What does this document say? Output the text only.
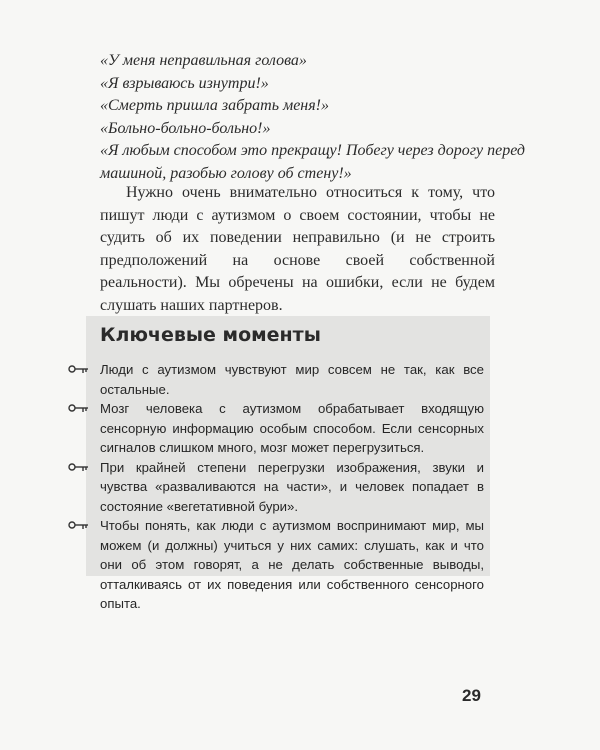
«У меня неправильная голова»

«Я взрываюсь изнутри!»

«Смерть пришла забрать меня!»

«Больно-больно-больно!»

«Я любым способом это прекращу! Побегу через дорогу перед машиной, разобью голову об стену!»

Нужно очень внимательно относиться к тому, что пишут люди с аутизмом о своем состоянии, чтобы не судить об их поведении неправильно (и не строить предположений на основе своей собственной реальности). Мы обречены на ошибки, если не будем слушать наших партнеров.

Ключевые моменты
Люди с аутизмом чувствуют мир совсем не так, как все остальные.
Мозг человека с аутизмом обрабатывает входящую сенсорную информацию особым способом. Если сенсорных сигналов слишком много, мозг может перегрузиться.
При крайней степени перегрузки изображения, звуки и чувства «разваливаются на части», и человек попадает в состояние «вегетативной бури».
Чтобы понять, как люди с аутизмом воспринимают мир, мы можем (и должны) учиться у них самих: слушать, как и что они об этом говорят, а не делать собственные выводы, отталкиваясь от их поведения или собственного сенсорного опыта.
29
